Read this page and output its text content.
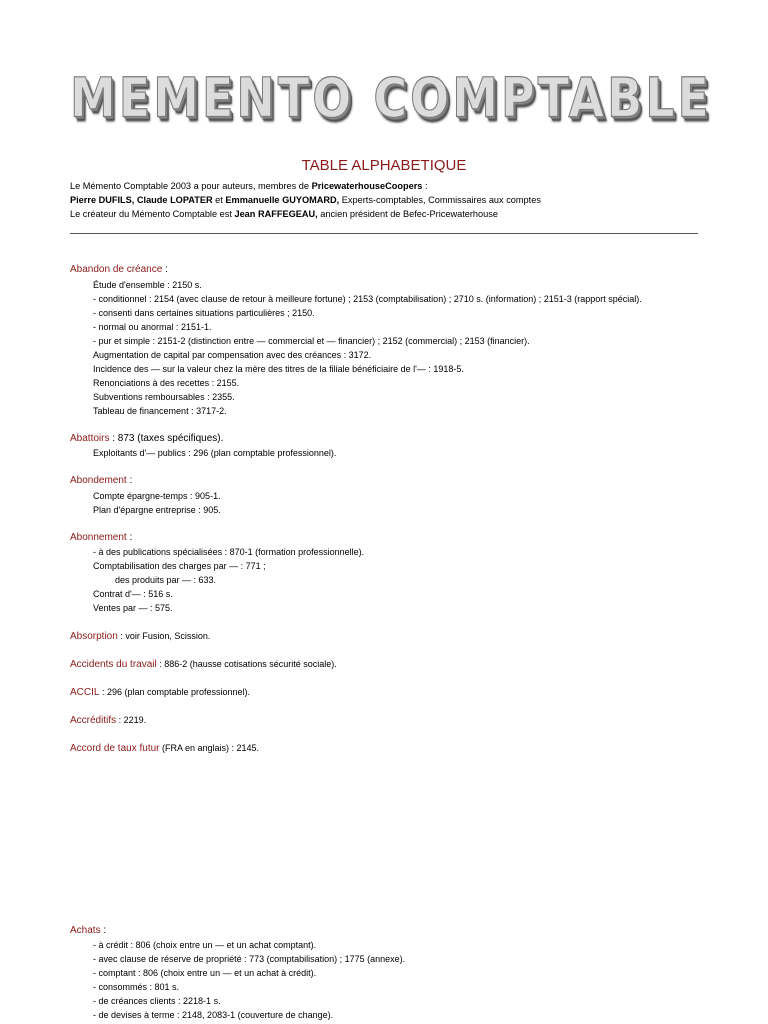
MEMENTO COMPTABLE
TABLE ALPHABETIQUE
Le Mémento Comptable 2003 a pour auteurs, membres de PricewaterhouseCoopers :
Pierre DUFILS, Claude LOPATER et Emmanuelle GUYOMARD, Experts-comptables, Commissaires aux comptes
Le créateur du Mémento Comptable est Jean RAFFEGEAU, ancien président de Befec-Pricewaterhouse
Abandon de créance :
Étude d'ensemble : 2150 s.
- conditionnel : 2154 (avec clause de retour à meilleure fortune) ; 2153 (comptabilisation) ; 2710 s. (information) ; 2151-3 (rapport spécial).
- consenti dans certaines situations particulières ; 2150.
- normal ou anormal : 2151-1.
- pur et simple : 2151-2 (distinction entre — commercial et — financier) ; 2152 (commercial) ; 2153 (financier).
Augmentation de capital par compensation avec des créances : 3172.
Incidence des — sur la valeur chez la mère des titres de la filiale bénéficiaire de l'— : 1918-5.
Renonciations à des recettes : 2155.
Subventions remboursables : 2355.
Tableau de financement : 3717-2.
Abattoirs : 873 (taxes spécifiques).
Exploitants d'— publics : 296 (plan comptable professionnel).
Abondement :
Compte épargne-temps : 905-1.
Plan d'épargne entreprise : 905.
Abonnement :
- à des publications spécialisées : 870-1 (formation professionnelle).
Comptabilisation des charges par — : 771 ;
des produits par — : 633.
Contrat d'— : 516 s.
Ventes par — : 575.
Absorption : voir Fusion, Scission.
Accidents du travail : 886-2 (hausse cotisations sécurité sociale).
ACCIL : 296 (plan comptable professionnel).
Accréditifs : 2219.
Accord de taux futur (FRA en anglais) : 2145.
Achats :
- à crédit : 806 (choix entre un — et un achat comptant).
- avec clause de réserve de propriété : 773 (comptabilisation) ; 1775 (annexe).
- comptant : 806 (choix entre un — et un achat à crédit).
- consommés : 801 s.
- de créances clients : 2218-1 s.
- de devises à terme : 2148, 2083-1 (couverture de change).
